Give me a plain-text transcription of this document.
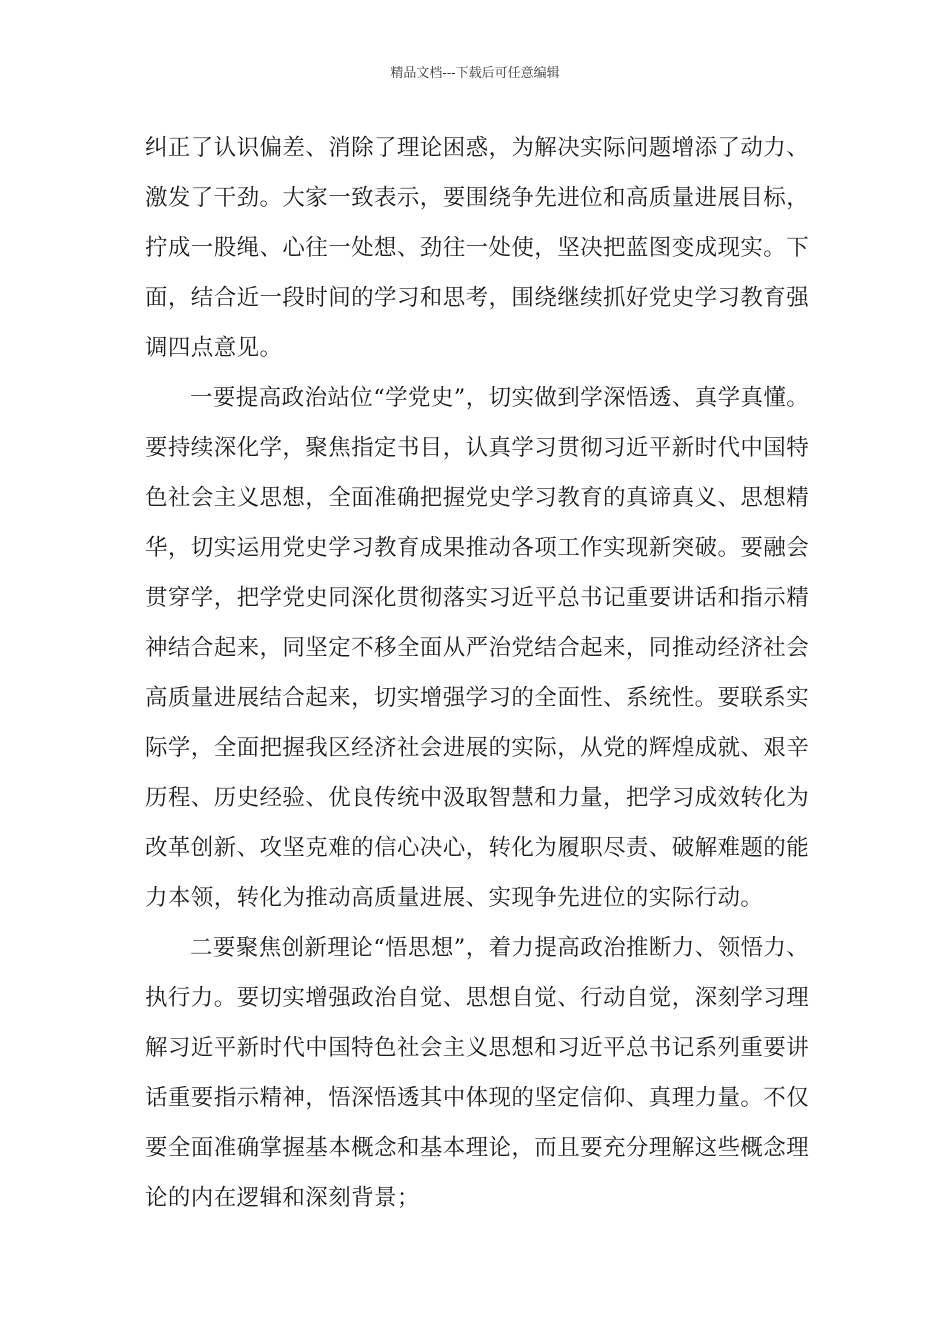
精品文档---下载后可任意编辑
纠正了认识偏差、消除了理论困惑，为解决实际问题增添了动力、
激发了干劲。大家一致表示，要围绕争先进位和高质量进展目标，
拧成一股绳、心往一处想、劲往一处使，坚决把蓝图变成现实。下
面，结合近一段时间的学习和思考，围绕继续抓好党史学习教育强
调四点意见。
一要提高政治站位“学党史”，切实做到学深悟透、真学真懂。
要持续深化学，聚焦指定书目，认真学习贯彻习近平新时代中国特
色社会主义思想，全面准确把握党史学习教育的真谛真义、思想精
华，切实运用党史学习教育成果推动各项工作实现新突破。要融会
贯穿学，把学党史同深化贯彻落实习近平总书记重要讲话和指示精
神结合起来，同坚定不移全面从严治党结合起来，同推动经济社会
高质量进展结合起来，切实增强学习的全面性、系统性。要联系实
际学，全面把握我区经济社会进展的实际，从党的辉煌成就、艰辛
历程、历史经验、优良传统中汲取智慧和力量，把学习成效转化为
改革创新、攻坚克难的信心决心，转化为履职尽责、破解难题的能
力本领，转化为推动高质量进展、实现争先进位的实际行动。
二要聚焦创新理论“悟思想”，着力提高政治推断力、领悟力、
执行力。要切实增强政治自觉、思想自觉、行动自觉，深刻学习理
解习近平新时代中国特色社会主义思想和习近平总书记系列重要讲
话重要指示精神，悟深悟透其中体现的坚定信仰、真理力量。不仅
要全面准确掌握基本概念和基本理论，而且要充分理解这些概念理
论的内在逻辑和深刻背景；
